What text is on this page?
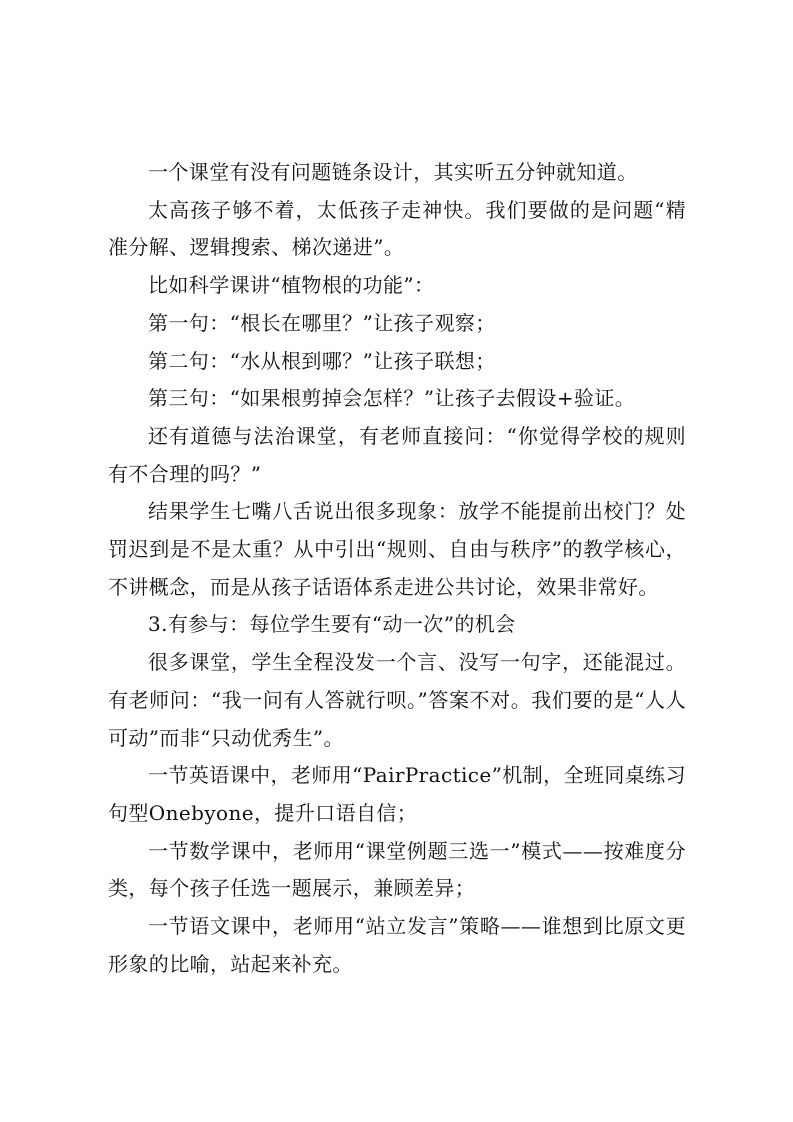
一个课堂有没有问题链条设计，其实听五分钟就知道。

太高孩子够不着，太低孩子走神快。我们要做的是问题“精准分解、逻辑搜索、梯次递进”。

比如科学课讲“植物根的功能”：

第一句：“根长在哪里？”让孩子观察；

第二句：“水从根到哪？”让孩子联想；

第三句：“如果根剪掉会怎样？”让孩子去假设+验证。

还有道德与法治课堂，有老师直接问：“你觉得学校的规则有不合理的吗？”

结果学生七嘴八舌说出很多现象：放学不能提前出校门？处罚迟到是不是太重？从中引出“规则、自由与秩序”的教学核心，不讲概念，而是从孩子话语体系走进公共讨论，效果非常好。

3.有参与：每位学生要有“动一次”的机会

很多课堂，学生全程没发一个言、没写一句字，还能混过。有老师问：“我一问有人答就行呗。”答案不对。我们要的是“人人可动”而非“只动优秀生”。

一节英语课中，老师用“PairPractice”机制，全班同桌练习句型Onebyone，提升口语自信；

一节数学课中，老师用“课堂例题三选一”模式——按难度分类，每个孩子任选一题展示，兼顾差异；

一节语文课中，老师用“站立发言”策略——谁想到比原文更形象的比喻，站起来补充。
